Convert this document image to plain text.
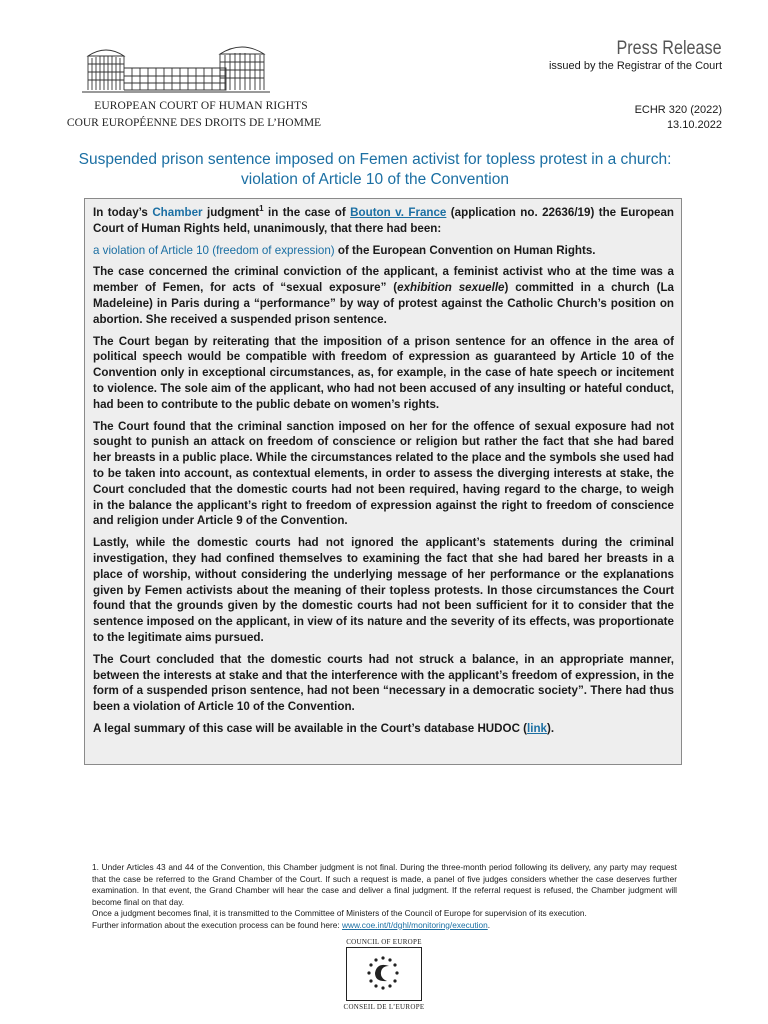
EUROPEAN COURT OF HUMAN RIGHTS
COUR EUROPÉENNE DES DROITS DE L’HOMME
Press Release
issued by the Registrar of the Court
ECHR 320 (2022)
13.10.2022
Suspended prison sentence imposed on Femen activist for topless protest in a church: violation of Article 10 of the Convention

In today’s Chamber judgment$^1$ in the case of Bouton v. France (application no. 22636/19) the European Court of Human Rights held, unanimously, that there had been:

a violation of Article 10 (freedom of expression) of the European Convention on Human Rights.

The case concerned the criminal conviction of the applicant, a feminist activist who at the time was a member of Femen, for acts of “sexual exposure” (exhibition sexuelle) committed in a church (La Madeleine) in Paris during a “performance” by way of protest against the Catholic Church’s position on abortion. She received a suspended prison sentence.

The Court began by reiterating that the imposition of a prison sentence for an offence in the area of political speech would be compatible with freedom of expression as guaranteed by Article 10 of the Convention only in exceptional circumstances, as, for example, in the case of hate speech or incitement to violence. The sole aim of the applicant, who had not been accused of any insulting or hateful conduct, had been to contribute to the public debate on women’s rights.

The Court found that the criminal sanction imposed on her for the offence of sexual exposure had not sought to punish an attack on freedom of conscience or religion but rather the fact that she had bared her breasts in a public place. While the circumstances related to the place and the symbols she used had to be taken into account, as contextual elements, in order to assess the diverging interests at stake, the Court concluded that the domestic courts had not been required, having regard to the charge, to weigh in the balance the applicant’s right to freedom of expression against the right to freedom of conscience and religion under Article 9 of the Convention.

Lastly, while the domestic courts had not ignored the applicant’s statements during the criminal investigation, they had confined themselves to examining the fact that she had bared her breasts in a place of worship, without considering the underlying message of her performance or the explanations given by Femen activists about the meaning of their topless protests. In those circumstances the Court found that the grounds given by the domestic courts had not been sufficient for it to consider that the sentence imposed on the applicant, in view of its nature and the severity of its effects, was proportionate to the legitimate aims pursued.

The Court concluded that the domestic courts had not struck a balance, in an appropriate manner, between the interests at stake and that the interference with the applicant’s freedom of expression, in the form of a suspended prison sentence, had not been “necessary in a democratic society”. There had thus been a violation of Article 10 of the Convention.

A legal summary of this case will be available in the Court’s database HUDOC (link).

1. Under Articles 43 and 44 of the Convention, this Chamber judgment is not final. During the three-month period following its delivery, any party may request that the case be referred to the Grand Chamber of the Court. If such a request is made, a panel of five judges considers whether the case deserves further examination. In that event, the Grand Chamber will hear the case and deliver a final judgment. If the referral request is refused, the Chamber judgment will become final on that day.

Once a judgment becomes final, it is transmitted to the Committee of Ministers of the Council of Europe for supervision of its execution.

Further information about the execution process can be found here: www.coe.int/t/dghl/monitoring/execution.

COUNCIL OF EUROPE
CONSEIL DE L’EUROPE
